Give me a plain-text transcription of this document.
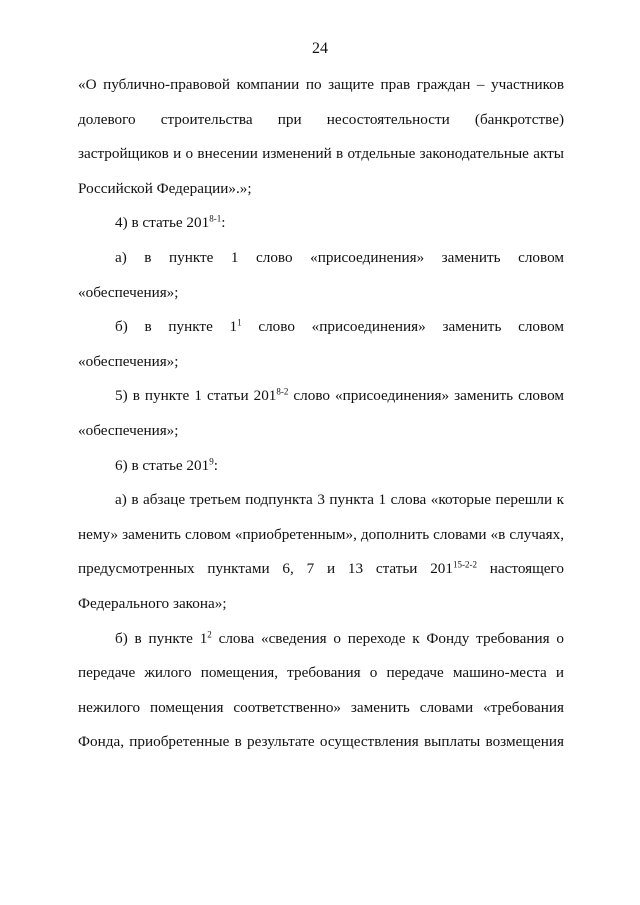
24
«О публично-правовой компании по защите прав граждан – участников
долевого строительства при несостоятельности (банкротстве)
застройщиков и о внесении изменений в отдельные законодательные акты
Российской Федерации».»;
4) в статье 201$^{8-1}$:
а) в пункте 1 слово «присоединения» заменить словом
«обеспечения»;
б) в пункте $1^1$ слово «присоединения» заменить словом
«обеспечения»;
5) в пункте 1 статьи 201$^{8-2}$ слово «присоединения» заменить словом
«обеспечения»;
6) в статье $201^9$:
а) в абзаце третьем подпункта 3 пункта 1 слова «которые перешли к
нему» заменить словом «приобретенным», дополнить словами «в случаях,
предусмотренных пунктами 6, 7 и 13 статьи 201$^{15-2-2}$ настоящего
Федерального закона»;
б) в пункте $1^2$ слова «сведения о переходе к Фонду требования о
передаче жилого помещения, требования о передаче машино-места и
нежилого помещения соответственно» заменить словами «требования
Фонда, приобретенные в результате осуществления выплаты возмещения
